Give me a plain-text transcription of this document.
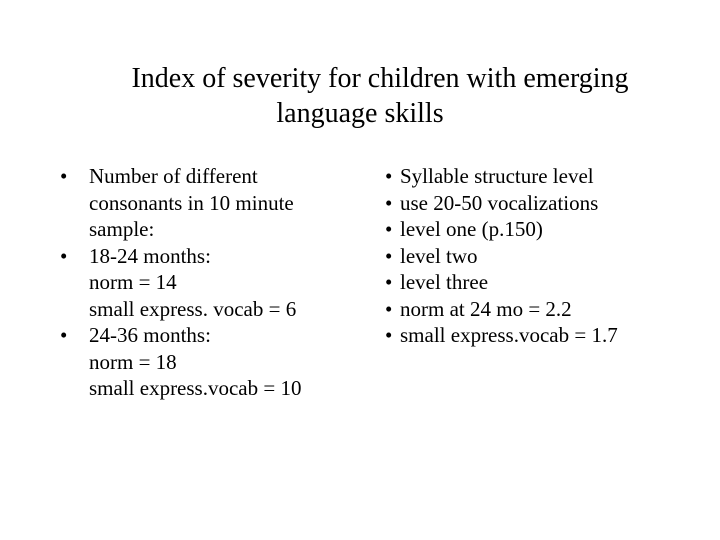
Index of severity for children with emerging
language skills
•	Number of different
consonants in 10 minute
sample:
•	18-24 months:
norm = 14
small express. vocab = 6
•	24-36 months:
norm = 18
small express.vocab = 10
• Syllable structure level
• use 20-50 vocalizations
• level one (p.150)
• level two
• level three
• norm at 24 mo = 2.2
• small express.vocab = 1.7
